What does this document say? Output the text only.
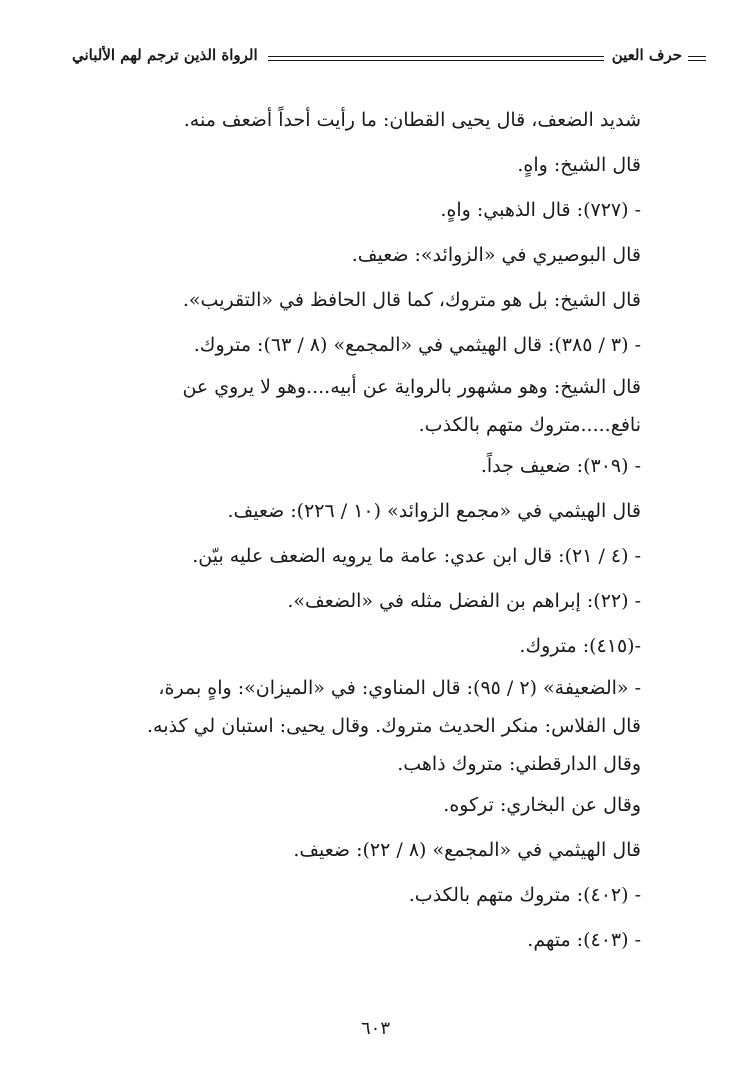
حرف العين
الرواة الذين ترجم لهم الألباني
شديد الضعف، قال يحيى القطان: ما رأيت أحداً أضعف منه.
قال الشيخ: واهٍ.
- (٧٢٧): قال الذهبي: واهٍ.
قال البوصيري في «الزوائد»: ضعيف.
قال الشيخ: بل هو متروك، كما قال الحافظ في «التقريب».
- (٣ / ٣٨٥): قال الهيثمي في «المجمع» (٨ / ٦٣): متروك.
قال الشيخ: وهو مشهور بالرواية عن أبيه....وهو لا يروي عن
نافع.....متروك متهم بالكذب.
- (٣٠٩): ضعيف جداً.
قال الهيثمي في «مجمع الزوائد» (١٠ / ٢٢٦): ضعيف.
- (٤ / ٢١): قال ابن عدي: عامة ما يرويه الضعف عليه بيّن.
- (٢٢): إبراهم بن الفضل مثله في «الضعف».
-(٤١٥): متروك.
- «الضعيفة» (٢ / ٩٥): قال المناوي: في «الميزان»: واهٍ بمرة،
قال الفلاس: منكر الحديث متروك. وقال يحيى: استبان لي كذبه.
وقال الدارقطني: متروك ذاهب.
وقال عن البخاري: تركوه.
قال الهيثمي في «المجمع» (٨ / ٢٢): ضعيف.
- (٤٠٢): متروك متهم بالكذب.
- (٤٠٣): متهم.
٦٠٣
